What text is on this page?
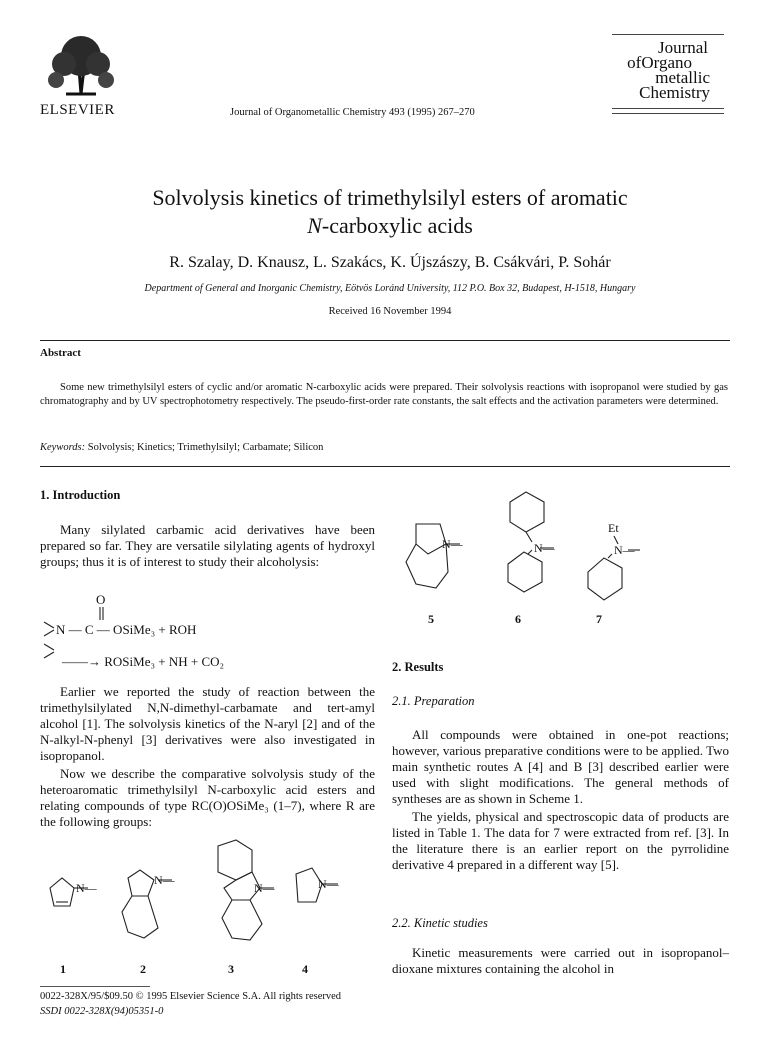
ELSEVIER	Journal of Organometallic Chemistry 493 (1995) 267–270
Journal
ofOrgano
metallic
Chemistry
Solvolysis kinetics of trimethylsilyl esters of aromatic
N-carboxylic acids
R. Szalay, D. Knausz, L. Szakács, K. Újszászy, B. Csákvári, P. Sohár
Department of General and Inorganic Chemistry, Eötvös Loránd University, 112 P.O. Box 32, Budapest, H-1518, Hungary
Received 16 November 1994
Abstract
Some new trimethylsilyl esters of cyclic and/or aromatic N-carboxylic acids were prepared. Their solvolysis reactions with isopropanol were studied by gas chromatography and by UV spectrophotometry respectively. The pseudo-first-order rate constants, the salt effects and the activation parameters were determined.
Keywords: Solvolysis; Kinetics; Trimethylsilyl; Carbamate; Silicon
1. Introduction
Many silylated carbamic acid derivatives have been prepared so far. They are versatile silylating agents of hydroxyl groups; thus it is of interest to study their alcoholysis:
O
N — C — OSiMe₃ + ROH
——→ ROSiMe₃ + NH + CO₂
Earlier we reported the study of reaction between the trimethylsilylated N,N-dimethyl-carbamate and tert-amyl alcohol [1]. The solvolysis kinetics of the N-aryl [2] and of the N-alkyl-N-phenyl [3] derivatives were also investigated in isopropanol.
Now we describe the comparative solvolysis study of the heteroaromatic trimethylsilyl N-carboxylic acid esters and relating compounds of type RC(O)OSiMe₃ (1–7), where R are the following groups:
N—
N—
N—	N—
1	2	3	4
0022-328X/95/$09.50 © 1995 Elsevier Science S.A. All rights reserved
SSDI 0022-328X(94)05351-0
N—	N—
Et
N—
5	6	7
2. Results
2.1. Preparation
All compounds were obtained in one-pot reactions; however, various preparative conditions were to be applied. Two main synthetic routes A [4] and B [3] described earlier were used with slight modifications. The general methods of syntheses are as shown in Scheme 1.
The yields, physical and spectroscopic data of products are listed in Table 1. The data for 7 were extracted from ref. [3]. In the literature there is an earlier report on the pyrrolidine derivative 4 prepared in a different way [5].
2.2. Kinetic studies
Kinetic measurements were carried out in isopropanol–dioxane mixtures containing the alcohol in
